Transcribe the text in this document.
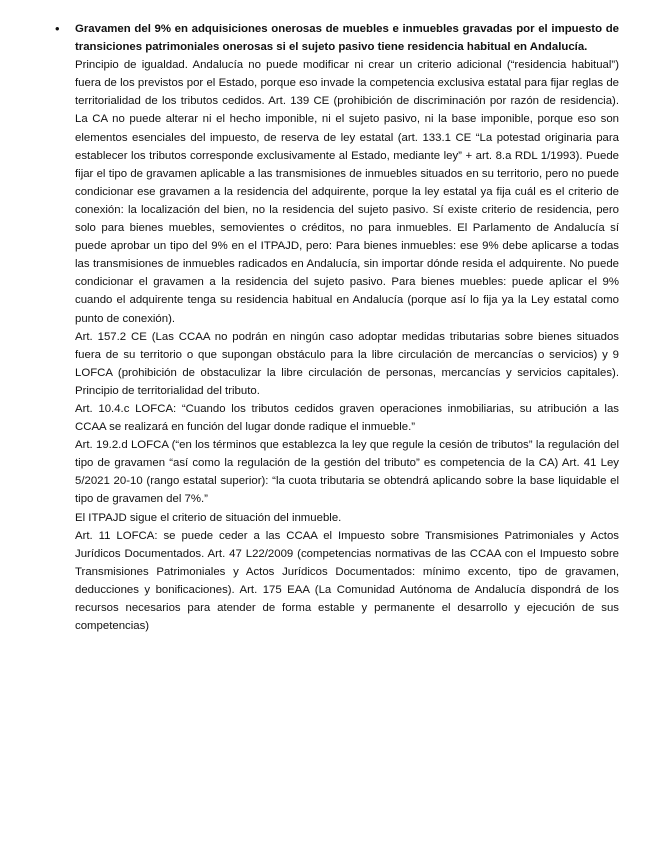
• Gravamen del 9% en adquisiciones onerosas de muebles e inmuebles gravadas por el impuesto de transiciones patrimoniales onerosas si el sujeto pasivo tiene residencia habitual en Andalucía.

Principio de igualdad. Andalucía no puede modificar ni crear un criterio adicional (“residencia habitual”) fuera de los previstos por el Estado, porque eso invade la competencia exclusiva estatal para fijar reglas de territorialidad de los tributos cedidos. Art. 139 CE (prohibición de discriminación por razón de residencia). La CA no puede alterar ni el hecho imponible, ni el sujeto pasivo, ni la base imponible, porque eso son elementos esenciales del impuesto, de reserva de ley estatal (art. 133.1 CE “La potestad originaria para establecer los tributos corresponde exclusivamente al Estado, mediante ley” + art. 8.a RDL 1/1993). Puede fijar el tipo de gravamen aplicable a las transmisiones de inmuebles situados en su territorio, pero no puede condicionar ese gravamen a la residencia del adquirente, porque la ley estatal ya fija cuál es el criterio de conexión: la localización del bien, no la residencia del sujeto pasivo. Sí existe criterio de residencia, pero solo para bienes muebles, semovientes o créditos, no para inmuebles. El Parlamento de Andalucía sí puede aprobar un tipo del 9% en el ITPAJD, pero: Para bienes inmuebles: ese 9% debe aplicarse a todas las transmisiones de inmuebles radicados en Andalucía, sin importar dónde resida el adquirente. No puede condicionar el gravamen a la residencia del sujeto pasivo. Para bienes muebles: puede aplicar el 9% cuando el adquirente tenga su residencia habitual en Andalucía (porque así lo fija ya la Ley estatal como punto de conexión).

Art. 157.2 CE (Las CCAA no podrán en ningún caso adoptar medidas tributarias sobre bienes situados fuera de su territorio o que supongan obstáculo para la libre circulación de mercancías o servicios) y 9 LOFCA (prohibición de obstaculizar la libre circulación de personas, mercancías y servicios capitales). Principio de territorialidad del tributo.

Art. 10.4.c LOFCA: “Cuando los tributos cedidos graven operaciones inmobiliarias, su atribución a las CCAA se realizará en función del lugar donde radique el inmueble.”

Art. 19.2.d LOFCA (“en los términos que establezca la ley que regule la cesión de tributos” la regulación del tipo de gravamen “así como la regulación de la gestión del tributo” es competencia de la CA) Art. 41 Ley 5/2021 20-10 (rango estatal superior): “la cuota tributaria se obtendrá aplicando sobre la base liquidable el tipo de gravamen del 7%.”

El ITPAJD sigue el criterio de situación del inmueble.

Art. 11 LOFCA: se puede ceder a las CCAA el Impuesto sobre Transmisiones Patrimoniales y Actos Jurídicos Documentados. Art. 47 L22/2009 (competencias normativas de las CCAA con el Impuesto sobre Transmisiones Patrimoniales y Actos Jurídicos Documentados: mínimo excento, tipo de gravamen, deducciones y bonificaciones). Art. 175 EAA (La Comunidad Autónoma de Andalucía dispondrá de los recursos necesarios para atender de forma estable y permanente el desarrollo y ejecución de sus competencias)
